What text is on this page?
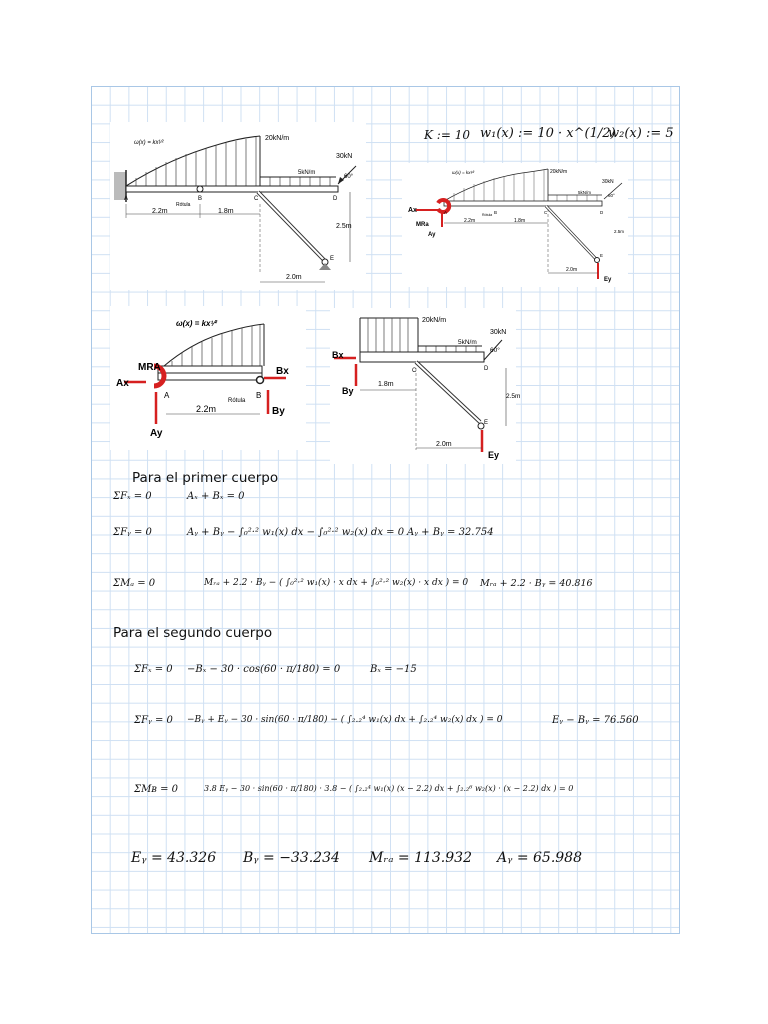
ω(x) = kx¹⁄²
20kN/m
30kN
5kN/m
60°
A	B	C	D
E
Rótula
2.2m	1.8m
2.5m
2.0m
K := 10 w₁(x) := 10 · x^(1/2)
w₂(x) := 5
ω(x) = kx¹⁄²	20kN/m
30kN
5kN/m
60°
Ax
MRa
Ay
A	B	C	D
Rótula
2.2m	1.8m
2.5m
2.0m
E
Ey
ω(x) = kx¹⁄²
MRA
Ax
Ay
Bx
By
A	B
Rótula
2.2m
20kN/m
30kN
5kN/m
60°
Bx
By
C	D
1.8m
2.5m
E
2.0m
Ey
Para el primer cuerpo
ΣFₓ = 0	Aₓ + Bₓ = 0
ΣFᵧ = 0	Aᵧ + Bᵧ − ∫₀²·² w₁(x) dx − ∫₀²·² w₂(x) dx = 0 Aᵧ + Bᵧ = 32.754
ΣMₐ = 0	Mᵣₐ + 2.2 · Bᵧ − ( ∫₀²·² w₁(x) · x dx + ∫₀²·² w₂(x) · x dx ) = 0 Mᵣₐ + 2.2 · Bᵧ = 40.816
Para el segundo cuerpo
ΣFₓ = 0 −Bₓ − 30 · cos(60 · π/180) = 0	Bₓ = −15
ΣFᵧ = 0 −Bᵧ + Eᵧ − 30 · sin(60 · π/180) − ( ∫₂.₂⁴ w₁(x) dx + ∫₂.₂⁴ w₂(x) dx ) = 0	Eᵧ − Bᵧ = 76.560
ΣMʙ = 0	3.8 Eᵧ − 30 · sin(60 · π/180) · 3.8 − ( ∫₂.₂⁴ w₁(x) (x − 2.2) dx + ∫₂.₂⁶ w₂(x) · (x − 2.2) dx ) = 0
Eᵧ = 43.326 Bᵧ = −33.234 Mᵣₐ = 113.932 Aᵧ = 65.988
